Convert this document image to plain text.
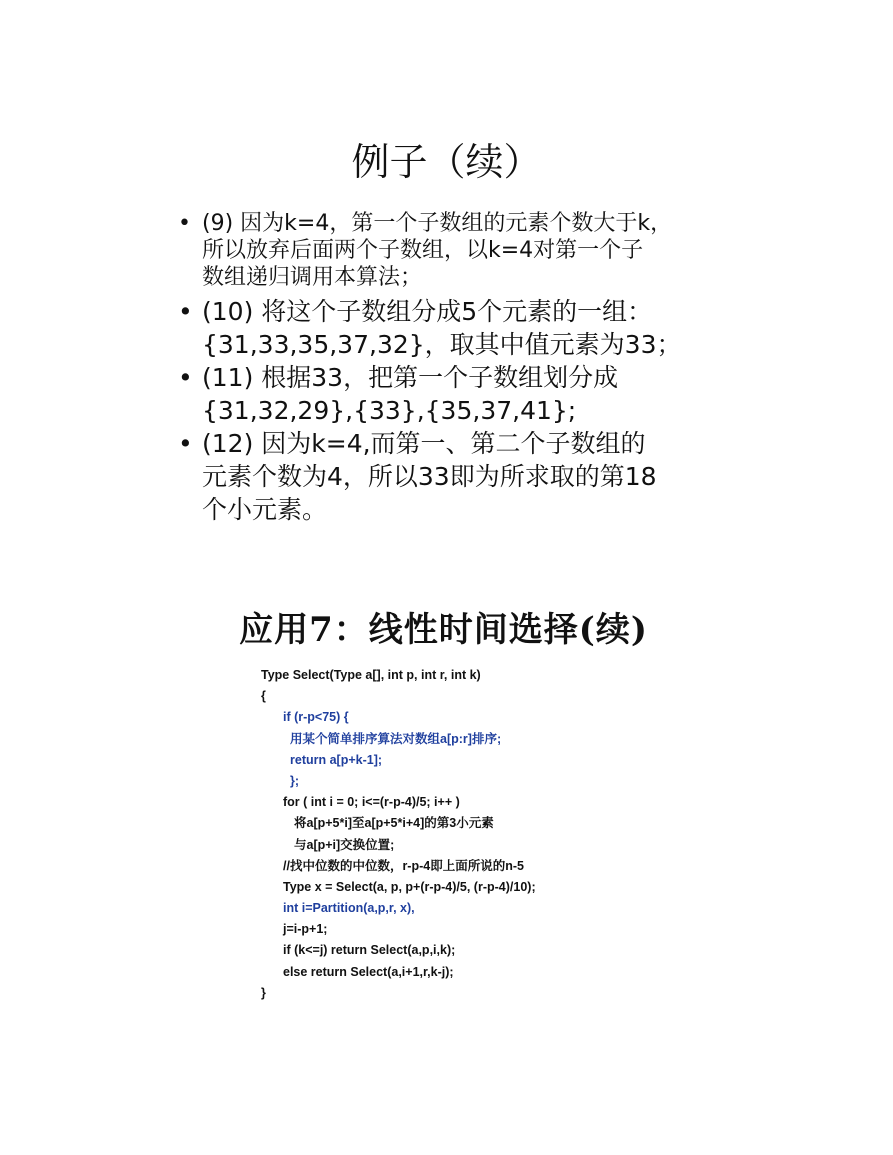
例子（续）
• (9) 因为k=4，第一个子数组的元素个数大于k，
所以放弃后面两个子数组，以k=4对第一个子
数组递归调用本算法；
• (10) 将这个子数组分成5个元素的一组：
{31,33,35,37,32}，取其中值元素为33；
• (11) 根据33，把第一个子数组划分成
{31,32,29},{33},{35,37,41};
• (12) 因为k=4,而第一、第二个子数组的
元素个数为4，所以33即为所求取的第18
个小元素。
应用7：线性时间选择(续)
Type Select(Type a[], int p, int r, int k)
{
if (r-p<75) {
用某个简单排序算法对数组a[p:r]排序;
return a[p+k-1];
};
for ( int i = 0; i<=(r-p-4)/5; i++ )
将a[p+5*i]至a[p+5*i+4]的第3小元素
与a[p+i]交换位置;
//找中位数的中位数，r-p-4即上面所说的n-5
Type x = Select(a, p, p+(r-p-4)/5, (r-p-4)/10);
int i=Partition(a,p,r, x),
j=i-p+1;
if (k<=j) return Select(a,p,i,k);
else return Select(a,i+1,r,k-j);
}
